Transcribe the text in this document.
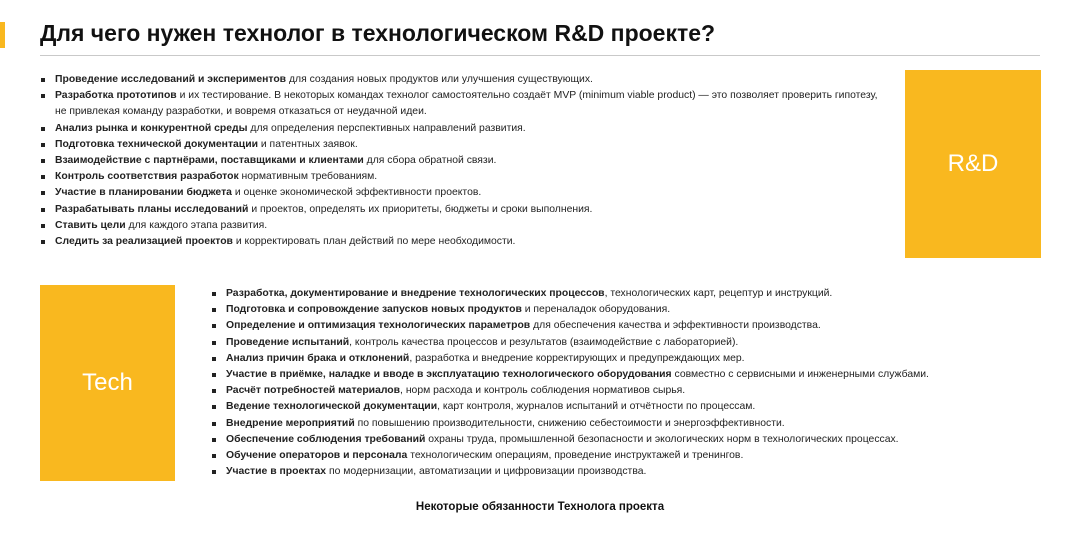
Для чего нужен технолог в технологическом R&D проекте?
Проведение исследований и экспериментов для создания новых продуктов или улучшения существующих.
Разработка прототипов и их тестирование. В некоторых командах технолог самостоятельно создаёт MVP (minimum viable product) — это позволяет проверить гипотезу, не привлекая команду разработки, и вовремя отказаться от неудачной идеи.
Анализ рынка и конкурентной среды для определения перспективных направлений развития.
Подготовка технической документации и патентных заявок.
Взаимодействие с партнёрами, поставщиками и клиентами для сбора обратной связи.
Контроль соответствия разработок нормативным требованиям.
Участие в планировании бюджета и оценке экономической эффективности проектов.
Разрабатывать планы исследований и проектов, определять их приоритеты, бюджеты и сроки выполнения.
Ставить цели для каждого этапа развития.
Следить за реализацией проектов и корректировать план действий по мере необходимости.
R&D
Tech
Разработка, документирование и внедрение технологических процессов, технологических карт, рецептур и инструкций.
Подготовка и сопровождение запусков новых продуктов и переналадок оборудования.
Определение и оптимизация технологических параметров для обеспечения качества и эффективности производства.
Проведение испытаний, контроль качества процессов и результатов (взаимодействие с лабораторией).
Анализ причин брака и отклонений, разработка и внедрение корректирующих и предупреждающих мер.
Участие в приёмке, наладке и вводе в эксплуатацию технологического оборудования совместно с сервисными и инженерными службами.
Расчёт потребностей материалов, норм расхода и контроль соблюдения нормативов сырья.
Ведение технологической документации, карт контроля, журналов испытаний и отчётности по процессам.
Внедрение мероприятий по повышению производительности, снижению себестоимости и энергоэффективности.
Обеспечение соблюдения требований охраны труда, промышленной безопасности и экологических норм в технологических процессах.
Обучение операторов и персонала технологическим операциям, проведение инструктажей и тренингов.
Участие в проектах по модернизации, автоматизации и цифровизации производства.
Некоторые обязанности Технолога проекта
